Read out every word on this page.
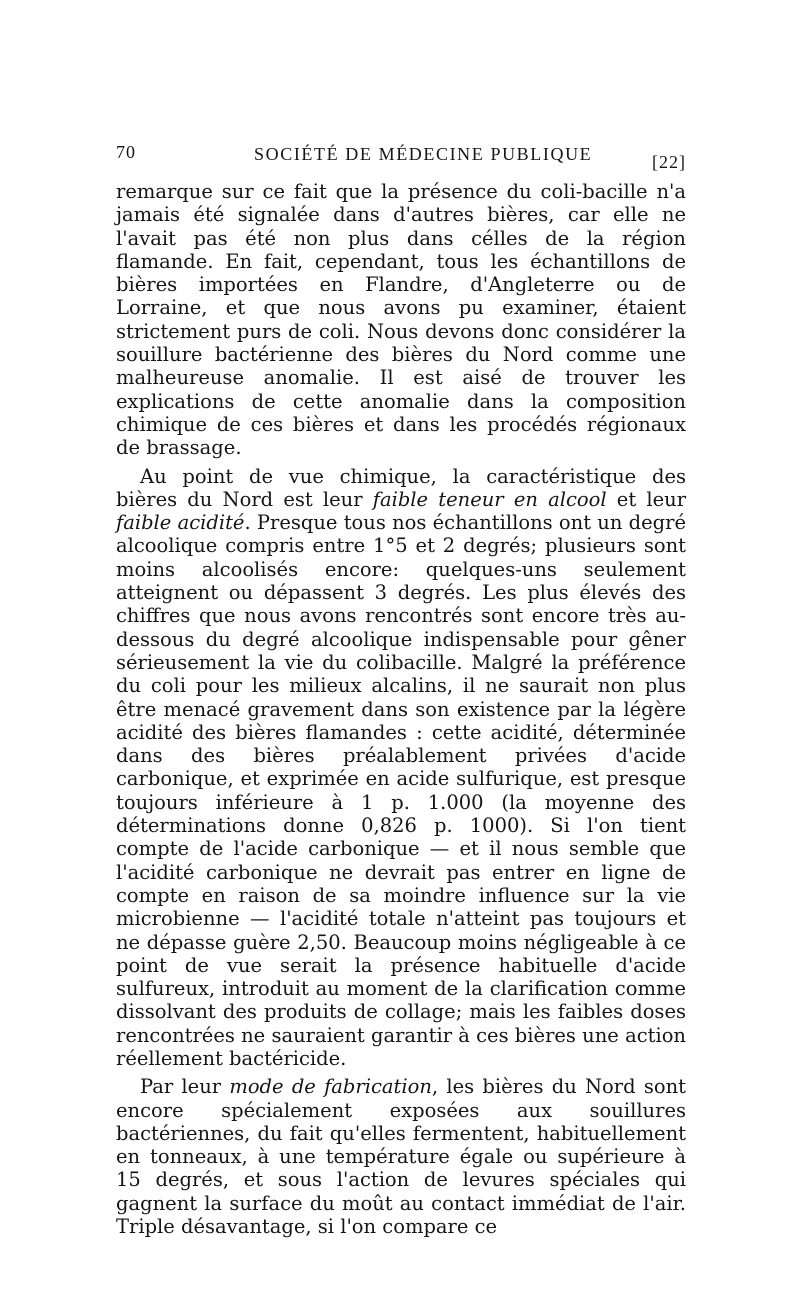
70	SOCIÉTÉ DE MÉDECINE PUBLIQUE	[22]

remarque sur ce fait que la présence du coli-bacille n'a jamais été signalée dans d'autres bières, car elle ne l'avait pas été non plus dans célles de la région flamande. En fait, cependant, tous les échantillons de bières importées en Flandre, d'Angleterre ou de Lorraine, et que nous avons pu examiner, étaient strictement purs de coli. Nous devons donc considérer la souillure bactérienne des bières du Nord comme une malheureuse anomalie. Il est aisé de trouver les explications de cette anomalie dans la composition chimique de ces bières et dans les procédés régionaux de brassage.

Au point de vue chimique, la caractéristique des bières du Nord est leur faible teneur en alcool et leur faible acidité. Presque tous nos échantillons ont un degré alcoolique compris entre 1°5 et 2 degrés; plusieurs sont moins alcoolisés encore: quelques-uns seulement atteignent ou dépassent 3 degrés. Les plus élevés des chiffres que nous avons rencontrés sont encore très au-dessous du degré alcoolique indispensable pour gêner sérieusement la vie du colibacille. Malgré la préférence du coli pour les milieux alcalins, il ne saurait non plus être menacé gravement dans son existence par la légère acidité des bières flamandes : cette acidité, déterminée dans des bières préalablement privées d'acide carbonique, et exprimée en acide sulfurique, est presque toujours inférieure à 1 p. 1.000 (la moyenne des déterminations donne 0,826 p. 1000). Si l'on tient compte de l'acide carbonique — et il nous semble que l'acidité carbonique ne devrait pas entrer en ligne de compte en raison de sa moindre influence sur la vie microbienne — l'acidité totale n'atteint pas toujours et ne dépasse guère 2,50. Beaucoup moins négligeable à ce point de vue serait la présence habituelle d'acide sulfureux, introduit au moment de la clarification comme dissolvant des produits de collage; mais les faibles doses rencontrées ne sauraient garantir à ces bières une action réellement bactéricide.

Par leur mode de fabrication, les bières du Nord sont encore spécialement exposées aux souillures bactériennes, du fait qu'elles fermentent, habituellement en tonneaux, à une température égale ou supérieure à 15 degrés, et sous l'action de levures spéciales qui gagnent la surface du moût au contact immédiat de l'air. Triple désavantage, si l'on compare ce
